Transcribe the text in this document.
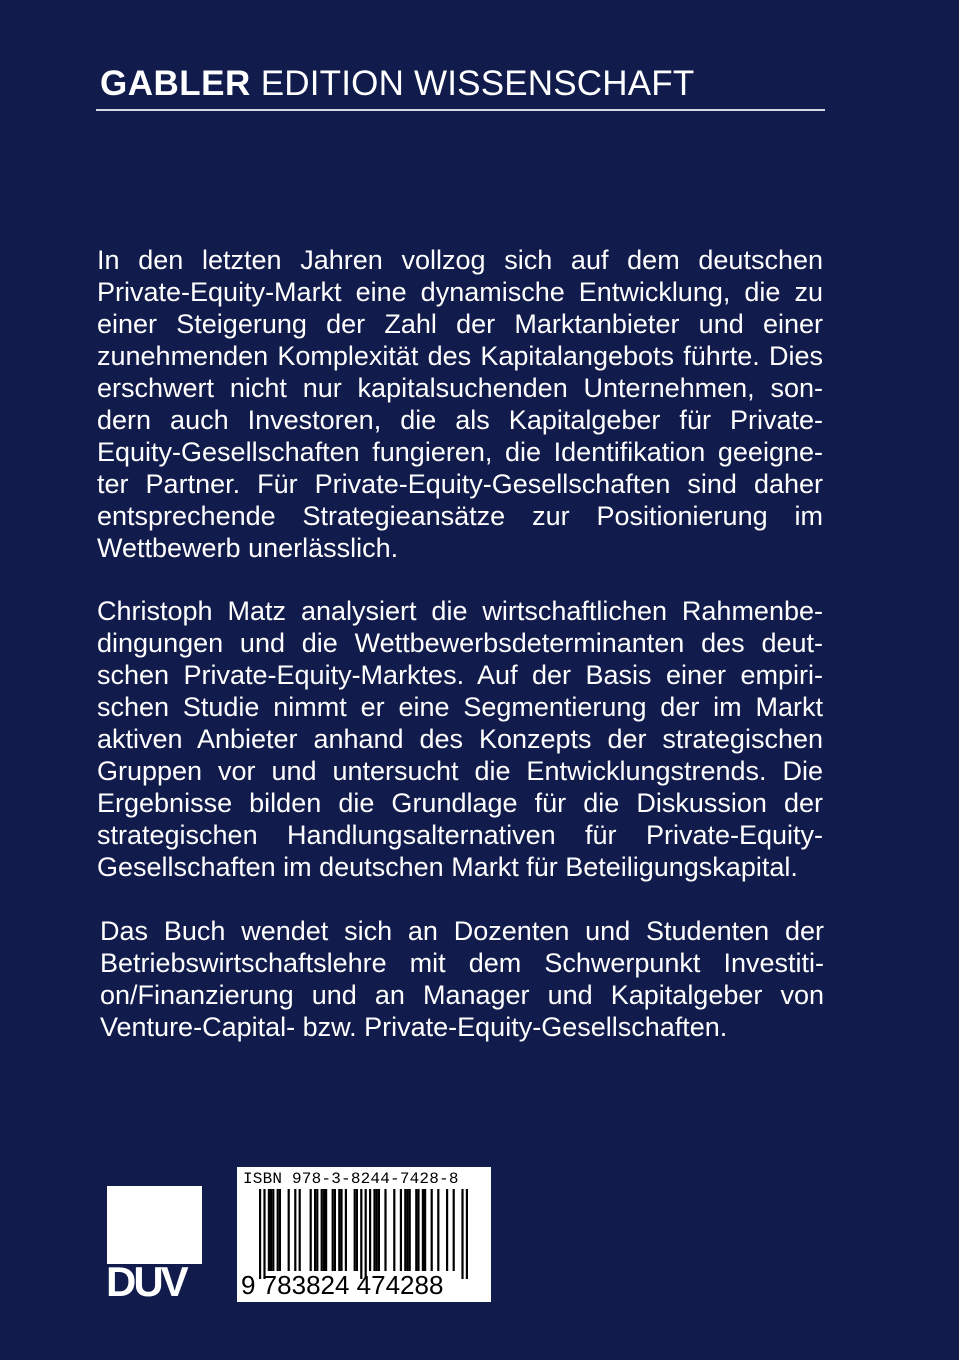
GABLER EDITION WISSENSCHAFT

In den letzten Jahren vollzog sich auf dem deutschen Private-Equity-Markt eine dynamische Entwicklung, die zu einer Steigerung der Zahl der Marktanbieter und einer zunehmenden Komplexität des Kapitalangebots führte. Dies erschwert nicht nur kapitalsuchenden Unternehmen, sondern auch Investoren, die als Kapitalgeber für Private-Equity-Gesellschaften fungieren, die Identifikation geeigneter Partner. Für Private-Equity-Gesellschaften sind daher entsprechende Strategieansätze zur Positionierung im Wettbewerb unerlässlich.

Christoph Matz analysiert die wirtschaftlichen Rahmenbedingungen und die Wettbewerbsdeterminanten des deutschen Private-Equity-Marktes. Auf der Basis einer empirischen Studie nimmt er eine Segmentierung der im Markt aktiven Anbieter anhand des Konzepts der strategischen Gruppen vor und untersucht die Entwicklungstrends. Die Ergebnisse bilden die Grundlage für die Diskussion der strategischen Handlungsalternativen für Private-Equity-Gesellschaften im deutschen Markt für Beteiligungskapital.

Das Buch wendet sich an Dozenten und Studenten der Betriebswirtschaftslehre mit dem Schwerpunkt Investition/Finanzierung und an Manager und Kapitalgeber von Venture-Capital- bzw. Private-Equity-Gesellschaften.

DUV
ISBN 978-3-8244-7428-8
9 783824 474288
